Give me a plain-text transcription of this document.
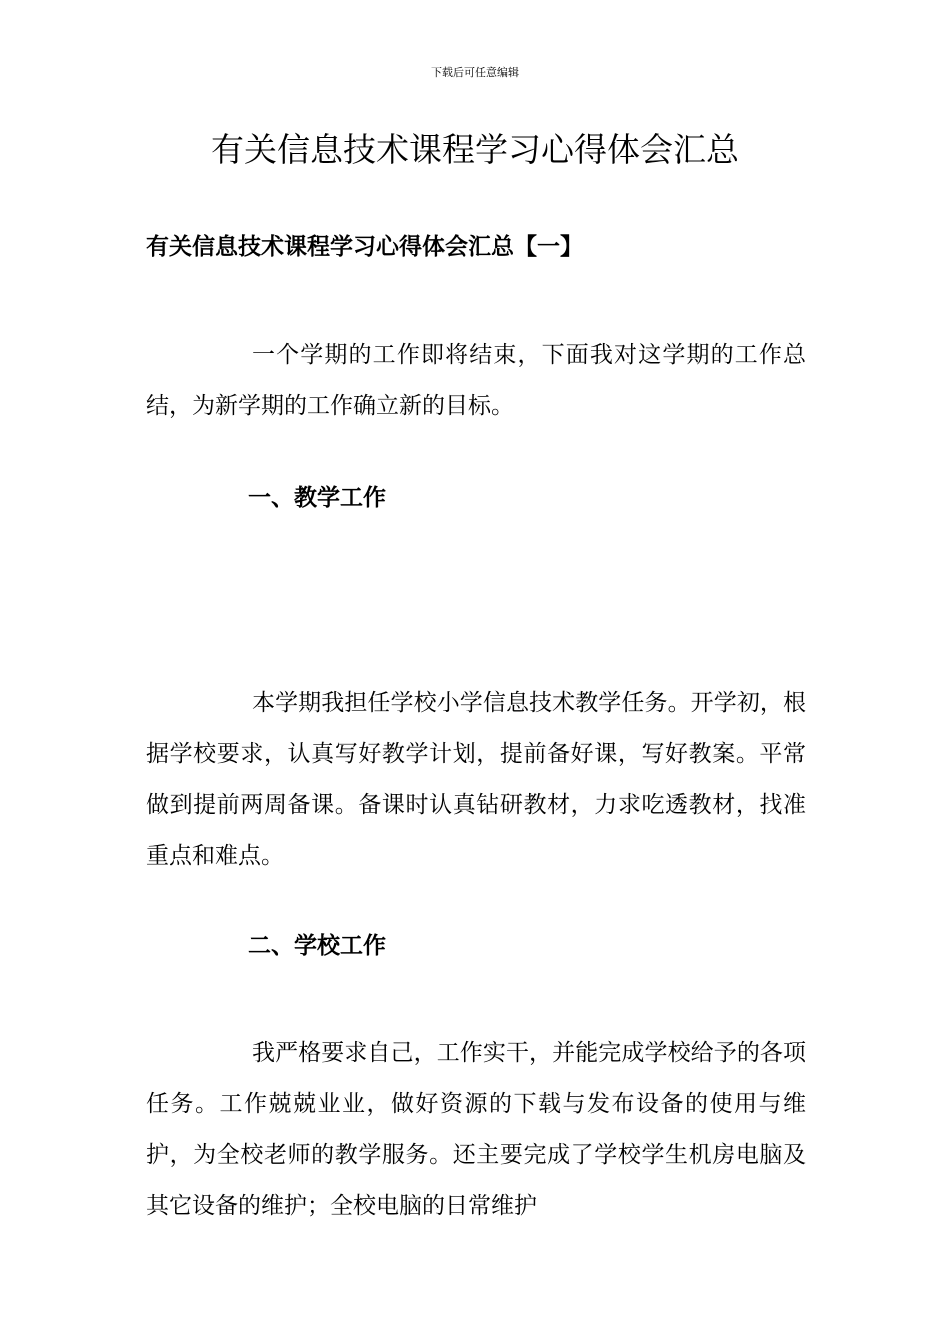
下载后可任意编辑
有关信息技术课程学习心得体会汇总
有关信息技术课程学习心得体会汇总【一】

一个学期的工作即将结束，下面我对这学期的工作总结，为新学期的工作确立新的目标。

一、教学工作

本学期我担任学校小学信息技术教学任务。开学初，根据学校要求，认真写好教学计划，提前备好课，写好教案。平常做到提前两周备课。备课时认真钻研教材，力求吃透教材，找准重点和难点。

二、学校工作

我严格要求自己，工作实干，并能完成学校给予的各项任务。工作兢兢业业，做好资源的下载与发布设备的使用与维护，为全校老师的教学服务。还主要完成了学校学生机房电脑及其它设备的维护；全校电脑的日常维护
